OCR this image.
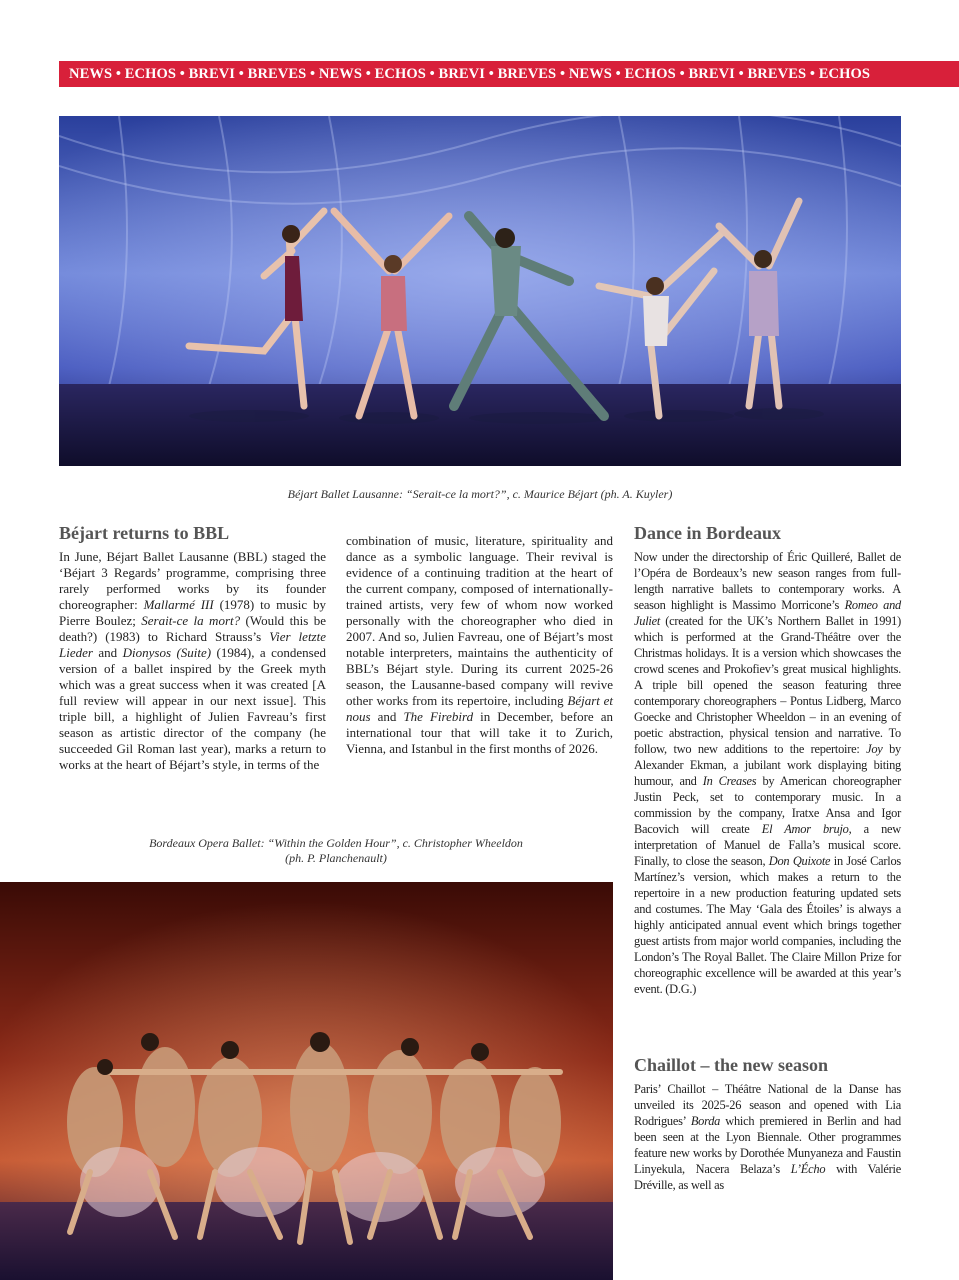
NEWS • ECHOS • BREVI • BREVES • NEWS • ECHOS • BREVI • BREVES • NEWS • ECHOS • BREVI • BREVES • ECHOS
Béjart Ballet Lausanne: “Serait-ce la mort?”, c. Maurice Béjart (ph. A. Kuyler)
Béjart returns to BBL

In June, Béjart Ballet Lausanne (BBL) staged the ‘Béjart 3 Regards’ programme, comprising three rarely performed works by its founder choreographer: Mallarmé III (1978) to music by Pierre Boulez; Serait-ce la mort? (Would this be death?) (1983) to Richard Strauss’s Vier letzte Lieder and Dionysos (Suite) (1984), a condensed version of a ballet inspired by the Greek myth which was a great success when it was created [A full review will appear in our next issue]. This triple bill, a highlight of Julien Favreau’s first season as artistic director of the company (he succeeded Gil Roman last year), marks a return to works at the heart of Béjart’s style, in terms of the

combination of music, literature, spirituality and dance as a symbolic language. Their revival is evidence of a continuing tradition at the heart of the current company, composed of internationally-trained artists, very few of whom now worked personally with the choreographer who died in 2007. And so, Julien Favreau, one of Béjart’s most notable interpreters, maintains the authenticity of BBL’s Béjart style. During its current 2025-26 season, the Lausanne-based company will revive other works from its repertoire, including Béjart et nous and The Firebird in December, before an international tour that will take it to Zurich, Vienna, and Istanbul in the first months of 2026.

Bordeaux Opera Ballet: “Within the Golden Hour”, c. Christopher Wheeldon
(ph. P. Planchenault)
Dance in Bordeaux

Now under the directorship of Éric Quilleré, Ballet de l’Opéra de Bordeaux’s new season ranges from full-length narrative ballets to contemporary works. A season highlight is Massimo Morricone’s Romeo and Juliet (created for the UK’s Northern Ballet in 1991) which is performed at the Grand-Théâtre over the Christmas holidays. It is a version which showcases the crowd scenes and Prokofiev’s great musical highlights. A triple bill opened the season featuring three contemporary choreographers – Pontus Lidberg, Marco Goecke and Christopher Wheeldon – in an evening of poetic abstraction, physical tension and narrative. To follow, two new additions to the repertoire: Joy by Alexander Ekman, a jubilant work displaying biting humour, and In Creases by American choreographer Justin Peck, set to contemporary music. In a commission by the company, Iratxe Ansa and Igor Bacovich will create El Amor brujo, a new interpretation of Manuel de Falla’s musical score. Finally, to close the season, Don Quixote in José Carlos Martínez’s version, which makes a return to the repertoire in a new production featuring updated sets and costumes. The May ‘Gala des Étoiles’ is always a highly anticipated annual event which brings together guest artists from major world companies, including the London’s The Royal Ballet. The Claire Millon Prize for choreographic excellence will be awarded at this year’s event. (D.G.)

Chaillot – the new season

Paris’ Chaillot – Théâtre National de la Danse has unveiled its 2025-26 season and opened with Lia Rodrigues’ Borda which premiered in Berlin and had been seen at the Lyon Biennale. Other programmes feature new works by Dorothée Munyaneza and Faustin Linyekula, Nacera Belaza’s L’Écho with Valérie Dréville, as well as
